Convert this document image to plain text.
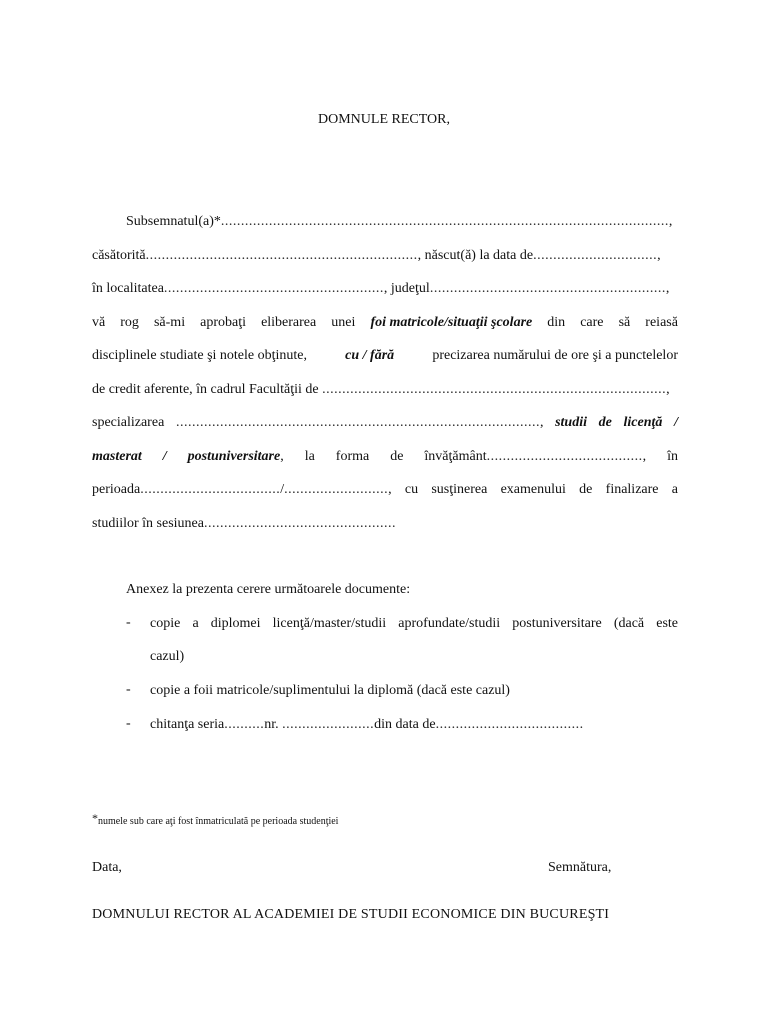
DOMNULE RECTOR,
Subsemnatul(a)*................................................................................................................,
căsătorită...................................................................., născut(ă) la data de...............................,
în localitatea......................................................., judeţul...........................................................,
vă rog să-mi aprobaţi eliberarea unei foi matricole/situaţii şcolare din care să reiasă
disciplinele studiate şi notele obţinute,	cu / fără	precizarea numărului de ore şi a punctelelor
de credit aferente, în cadrul Facultăţii de ......................................................................................,
specializarea ..........................................................................................., studii de licenţă /
masterat / postuniversitare, la forma de învăţământ......................................., în
perioada.................................../.........................., cu susţinerea examenului de finalizare a
studiilor în sesiunea................................................
Anexez la prezenta cerere următoarele documente:
- copie a diplomei licenţă/master/studii aprofundate/studii postuniversitare (dacă este
cazul)
- copie a foii matricole/suplimentului la diplomă (dacă este cazul)
- chitanţa seria..........nr. .......................din data de.....................................
*numele sub care aţi fost înmatriculată pe perioada studenţiei
Data,	Semnătura,
DOMNULUI RECTOR AL ACADEMIEI DE STUDII ECONOMICE DIN BUCUREŞTI
